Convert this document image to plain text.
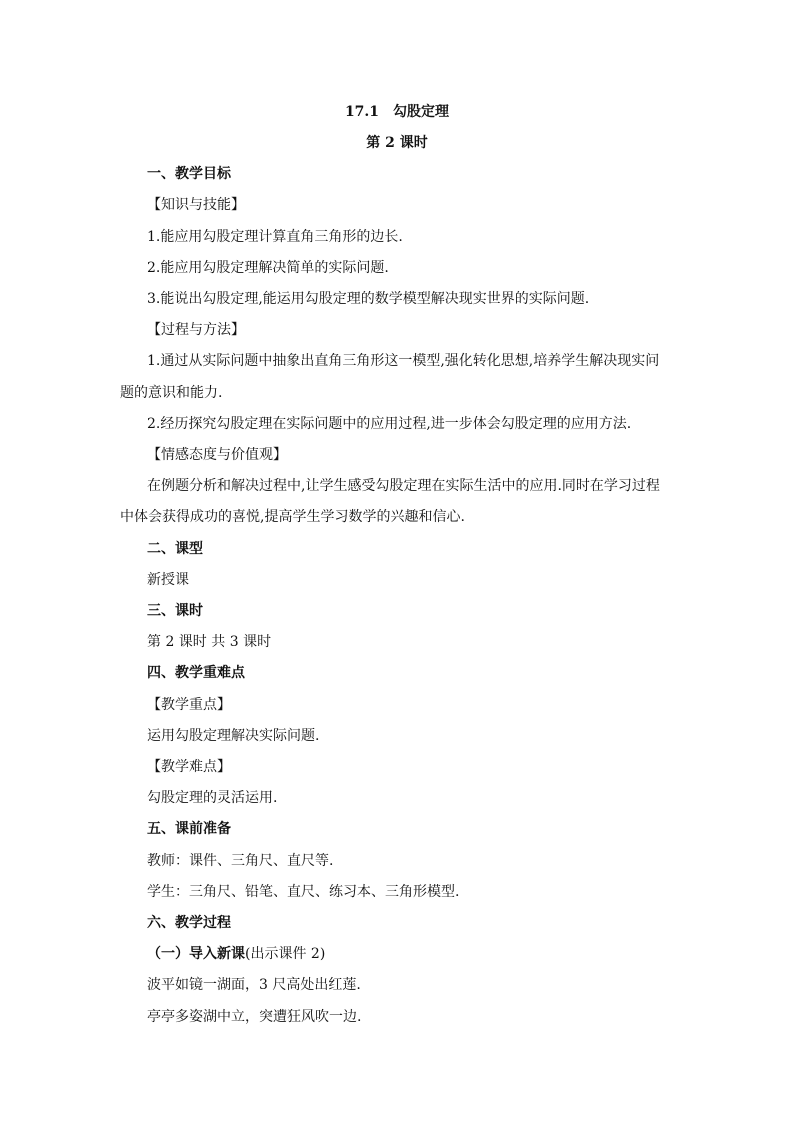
17.1　勾股定理
第 2 课时
一、教学目标
【知识与技能】
1.能应用勾股定理计算直角三角形的边长.
2.能应用勾股定理解决简单的实际问题.
3.能说出勾股定理,能运用勾股定理的数学模型解决现实世界的实际问题.
【过程与方法】
1.通过从实际问题中抽象出直角三角形这一模型,强化转化思想,培养学生解决现实问
题的意识和能力.
2.经历探究勾股定理在实际问题中的应用过程,进一步体会勾股定理的应用方法.
【情感态度与价值观】
在例题分析和解决过程中,让学生感受勾股定理在实际生活中的应用.同时在学习过程
中体会获得成功的喜悦,提高学生学习数学的兴趣和信心.
二、课型
新授课
三、课时
第 2 课时 共 3 课时
四、教学重难点
【教学重点】
运用勾股定理解决实际问题.
【教学难点】
勾股定理的灵活运用.
五、课前准备
教师：课件、三角尺、直尺等.
学生：三角尺、铅笔、直尺、练习本、三角形模型.
六、教学过程
（一）导入新课(出示课件 2)
波平如镜一湖面，3 尺高处出红莲.
亭亭多姿湖中立，突遭狂风吹一边.
